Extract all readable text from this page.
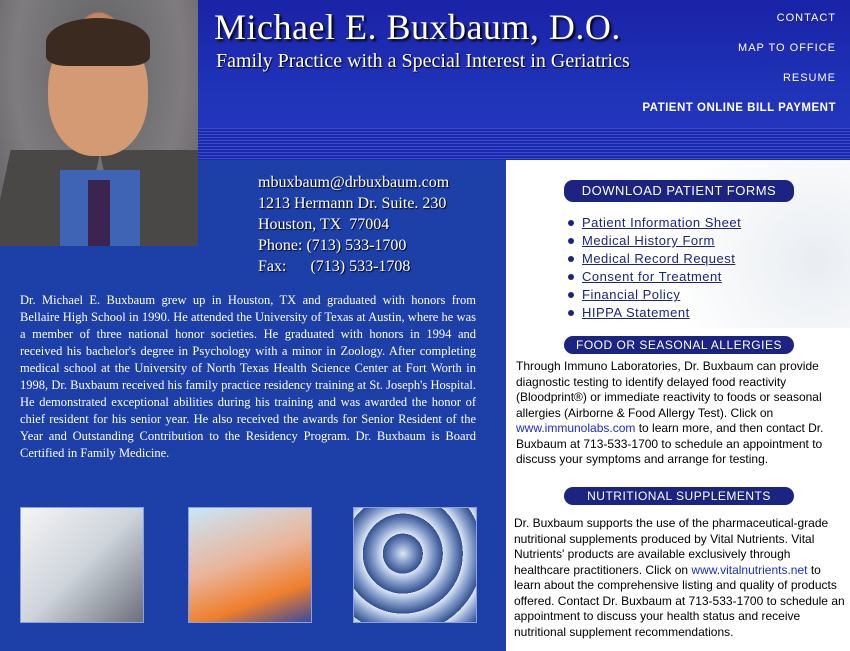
Michael E. Buxbaum, D.O.
Family Practice with a Special Interest in Geriatrics
CONTACT
MAP TO OFFICE
RESUME
PATIENT ONLINE BILL PAYMENT
mbuxbaum@drbuxbaum.com
1213 Hermann Dr. Suite. 230
Houston, TX  77004
Phone: (713) 533-1700
Fax:      (713) 533-1708
Dr. Michael E. Buxbaum grew up in Houston, TX and graduated with honors from Bellaire High School in 1990. He attended the University of Texas at Austin, where he was a member of three national honor societies. He graduated with honors in 1994 and received his bachelor's degree in Psychology with a minor in Zoology. After completing medical school at the University of North Texas Health Science Center at Fort Worth in 1998, Dr. Buxbaum received his family practice residency training at St. Joseph's Hospital. He demonstrated exceptional abilities during his training and was awarded the honor of chief resident for his senior year. He also received the awards for Senior Resident of the Year and Outstanding Contribution to the Residency Program. Dr. Buxbaum is Board Certified in Family Medicine.
DOWNLOAD PATIENT FORMS
Patient Information Sheet
Medical History Form
Medical Record Request
Consent for Treatment
Financial Policy
HIPPA Statement
FOOD OR SEASONAL ALLERGIES
Through Immuno Laboratories, Dr. Buxbaum can provide diagnostic testing to identify delayed food reactivity (Bloodprint®) or immediate reactivity to foods or seasonal allergies (Airborne & Food Allergy Test). Click on www.immunolabs.com to learn more, and then contact Dr. Buxbaum at 713-533-1700 to schedule an appointment to discuss your symptoms and arrange for testing.
NUTRITIONAL SUPPLEMENTS
Dr. Buxbaum supports the use of the pharmaceutical-grade nutritional supplements produced by Vital Nutrients. Vital Nutrients' products are available exclusively through healthcare practitioners. Click on www.vitalnutrients.net to learn about the comprehensive listing and quality of products offered. Contact Dr. Buxbaum at 713-533-1700 to schedule an appointment to discuss your health status and receive nutritional supplement recommendations.
